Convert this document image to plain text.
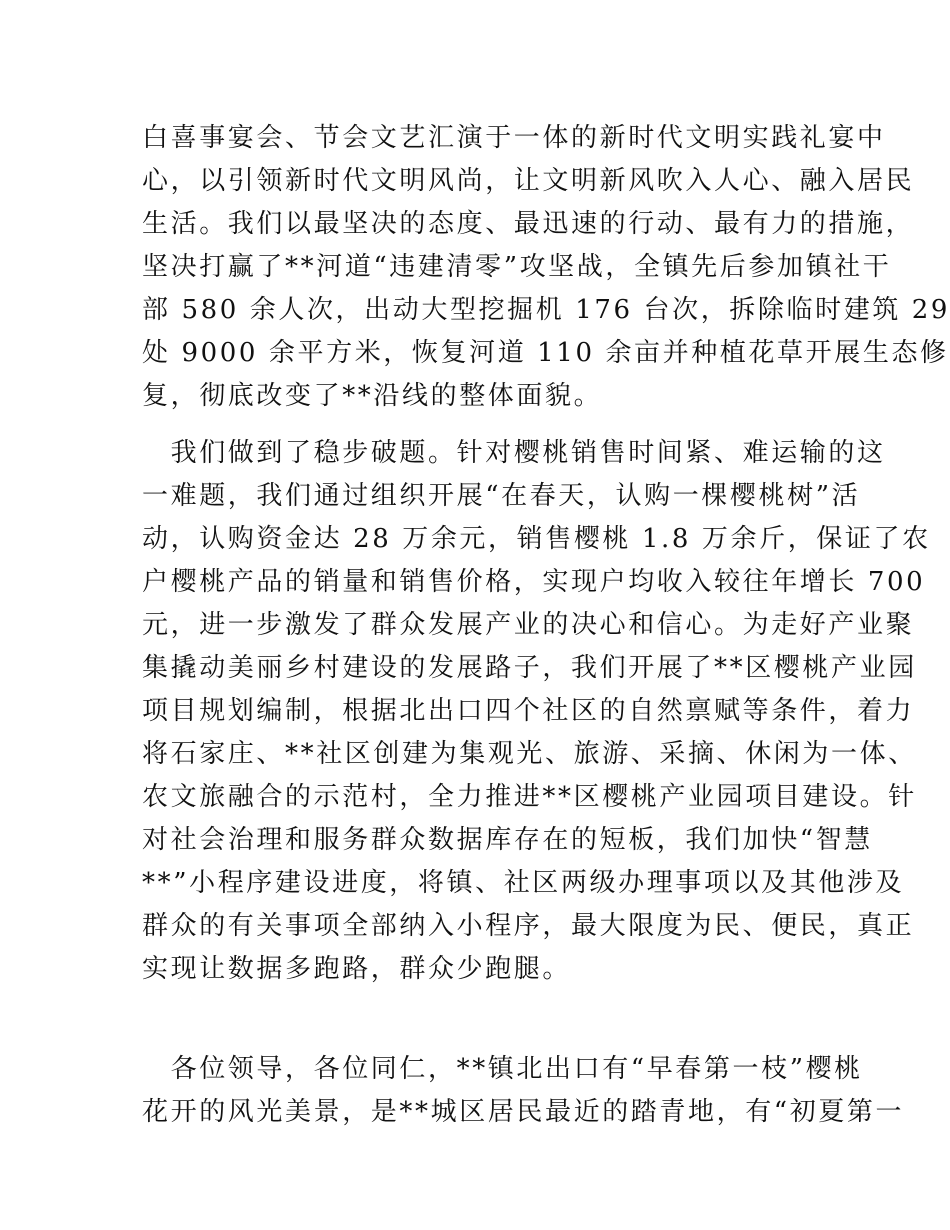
白喜事宴会、节会文艺汇演于一体的新时代文明实践礼宴中
心，以引领新时代文明风尚，让文明新风吹入人心、融入居民
生活。我们以最坚决的态度、最迅速的行动、最有力的措施，
坚决打赢了**河道“违建清零”攻坚战，全镇先后参加镇社干
部 580 余人次，出动大型挖掘机 176 台次，拆除临时建筑 29
处 9000 余平方米，恢复河道 110 余亩并种植花草开展生态修
复，彻底改变了**沿线的整体面貌。
　我们做到了稳步破题。针对樱桃销售时间紧、难运输的这
一难题，我们通过组织开展“在春天，认购一棵樱桃树”活
动，认购资金达 28 万余元，销售樱桃 1.8 万余斤，保证了农
户樱桃产品的销量和销售价格，实现户均收入较往年增长 700
元，进一步激发了群众发展产业的决心和信心。为走好产业聚
集撬动美丽乡村建设的发展路子，我们开展了**区樱桃产业园
项目规划编制，根据北出口四个社区的自然禀赋等条件，着力
将石家庄、**社区创建为集观光、旅游、采摘、休闲为一体、
农文旅融合的示范村，全力推进**区樱桃产业园项目建设。针
对社会治理和服务群众数据库存在的短板，我们加快“智慧
**”小程序建设进度，将镇、社区两级办理事项以及其他涉及
群众的有关事项全部纳入小程序，最大限度为民、便民，真正
实现让数据多跑路，群众少跑腿。
　各位领导，各位同仁，**镇北出口有“早春第一枝”樱桃
花开的风光美景，是**城区居民最近的踏青地，有“初夏第一
